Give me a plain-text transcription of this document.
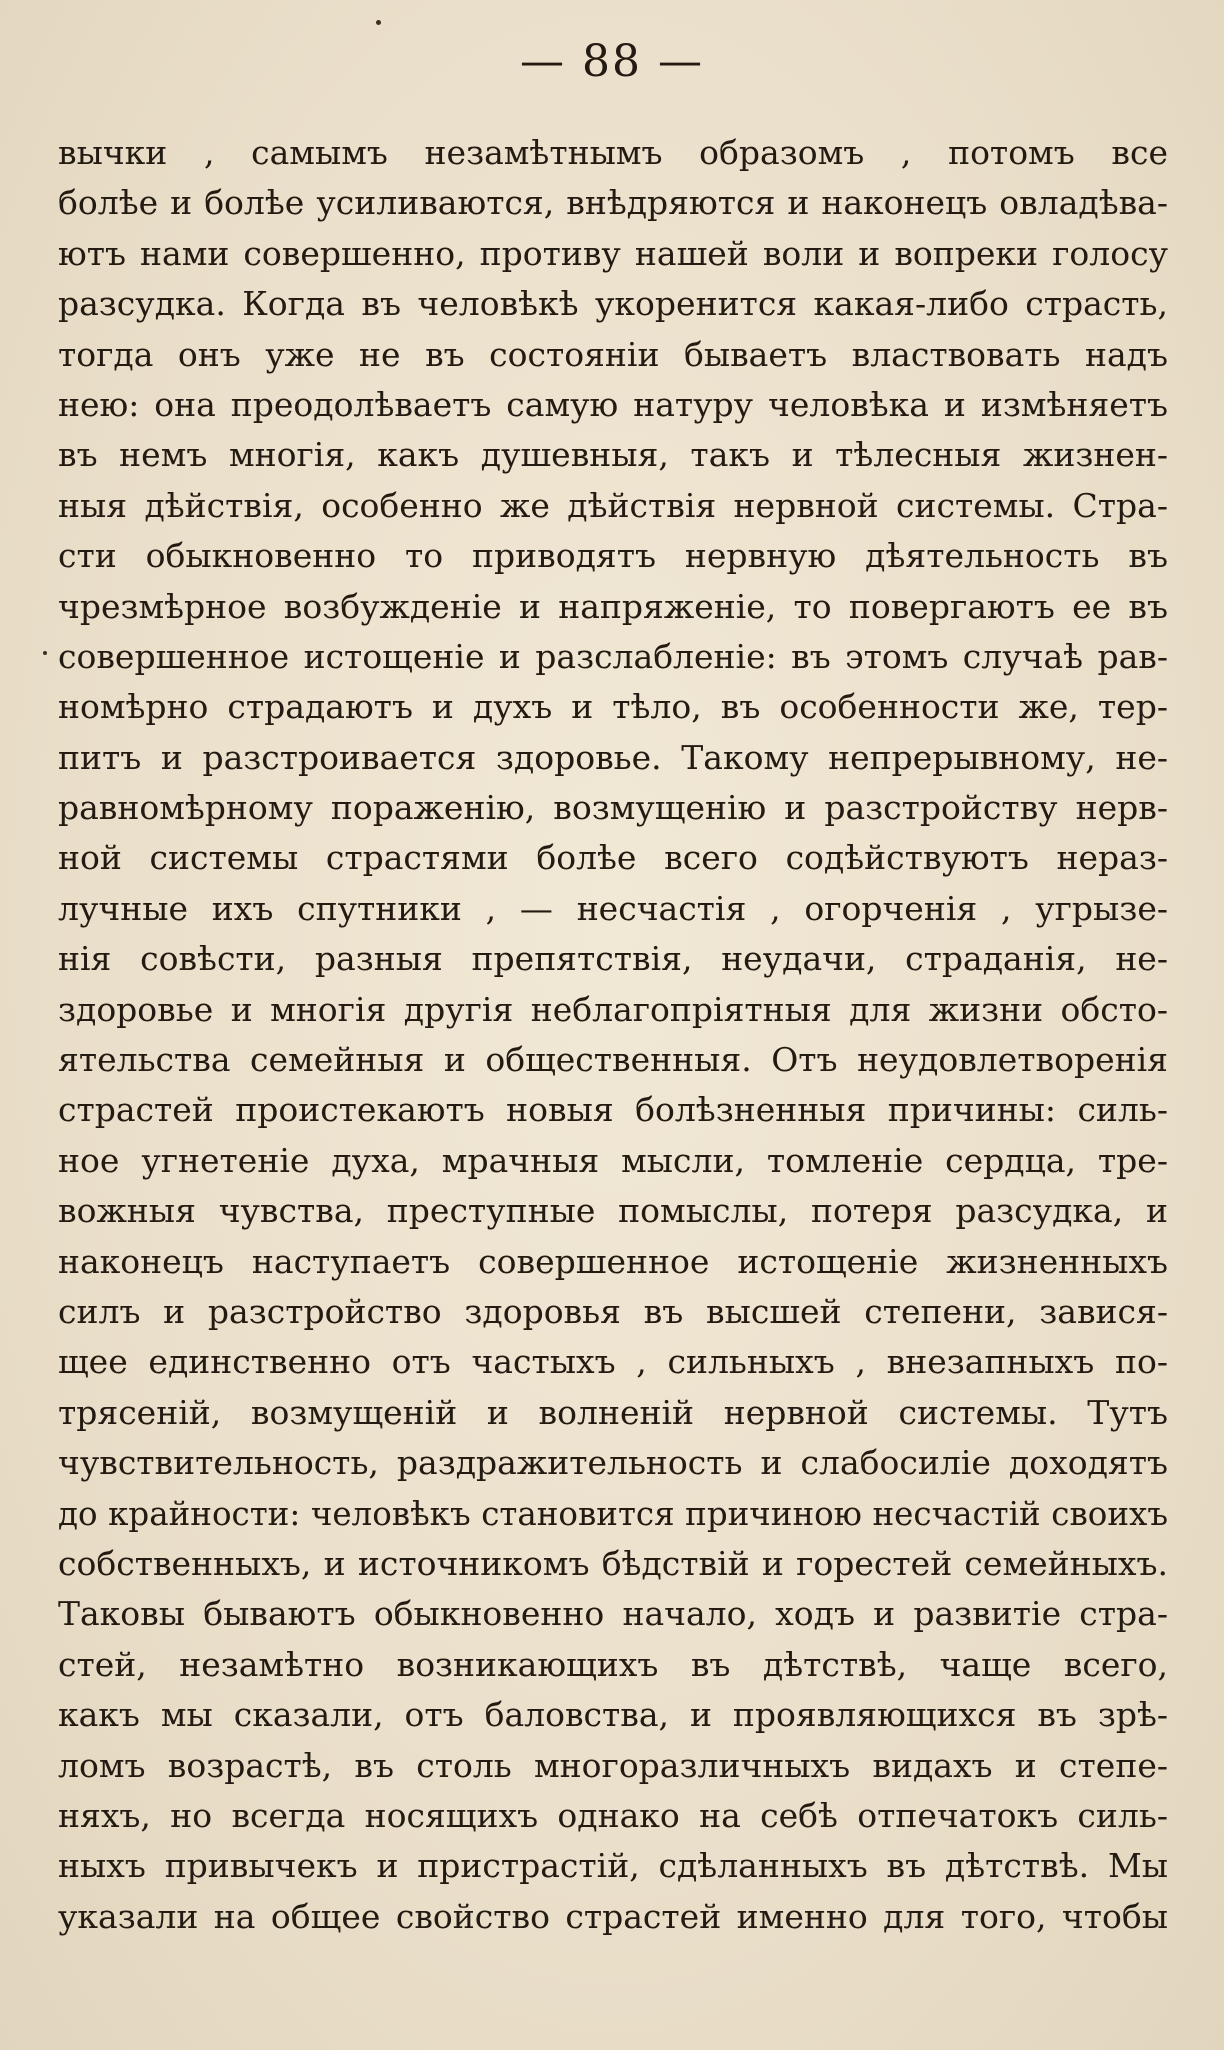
— 88 —
вычки , самымъ незамѣтнымъ образомъ , потомъ все
болѣе и болѣе усиливаются, внѣдряются и наконецъ овладѣва-
ютъ нами совершенно, противу нашей воли и вопреки голосу
разсудка. Когда въ человѣкѣ укоренится какая-либо страсть,
тогда онъ уже не въ состояніи бываетъ властвовать надъ
нею: она преодолѣваетъ самую натуру человѣка и измѣняетъ
въ немъ многія, какъ душевныя, такъ и тѣлесныя жизнен-
ныя дѣйствія, особенно же дѣйствія нервной системы. Стра-
сти обыкновенно то приводятъ нервную дѣятельность въ
чрезмѣрное возбужденіе и напряженіе, то повергаютъ ее въ
совершенное истощеніе и разслабленіе: въ этомъ случаѣ рав-
номѣрно страдаютъ и духъ и тѣло, въ особенности же, тер-
питъ и разстроивается здоровье. Такому непрерывному, не-
равномѣрному пораженію, возмущенію и разстройству нерв-
ной системы страстями болѣе всего содѣйствуютъ нераз-
лучные ихъ спутники , — несчастія , огорченія , угрызе-
нія совѣсти, разныя препятствія, неудачи, страданія, не-
здоровье и многія другія неблагопріятныя для жизни обсто-
ятельства семейныя и общественныя. Отъ неудовлетворенія
страстей проистекаютъ новыя болѣзненныя причины: силь-
ное угнетеніе духа, мрачныя мысли, томленіе сердца, тре-
вожныя чувства, преступные помыслы, потеря разсудка, и
наконецъ наступаетъ совершенное истощеніе жизненныхъ
силъ и разстройство здоровья въ высшей степени, завися-
щее единственно отъ частыхъ , сильныхъ , внезапныхъ по-
трясеній, возмущеній и волненій нервной системы. Тутъ
чувствительность, раздражительность и слабосиліе доходятъ
до крайности: человѣкъ становится причиною несчастій своихъ
собственныхъ, и источникомъ бѣдствій и горестей семейныхъ.
Таковы бываютъ обыкновенно начало, ходъ и развитіе стра-
стей, незамѣтно возникающихъ въ дѣтствѣ, чаще всего,
какъ мы сказали, отъ баловства, и проявляющихся въ зрѣ-
ломъ возрастѣ, въ столь многоразличныхъ видахъ и степе-
няхъ, но всегда носящихъ однако на себѣ отпечатокъ силь-
ныхъ привычекъ и пристрастій, сдѣланныхъ въ дѣтствѣ. Мы
указали на общее свойство страстей именно для того, чтобы
